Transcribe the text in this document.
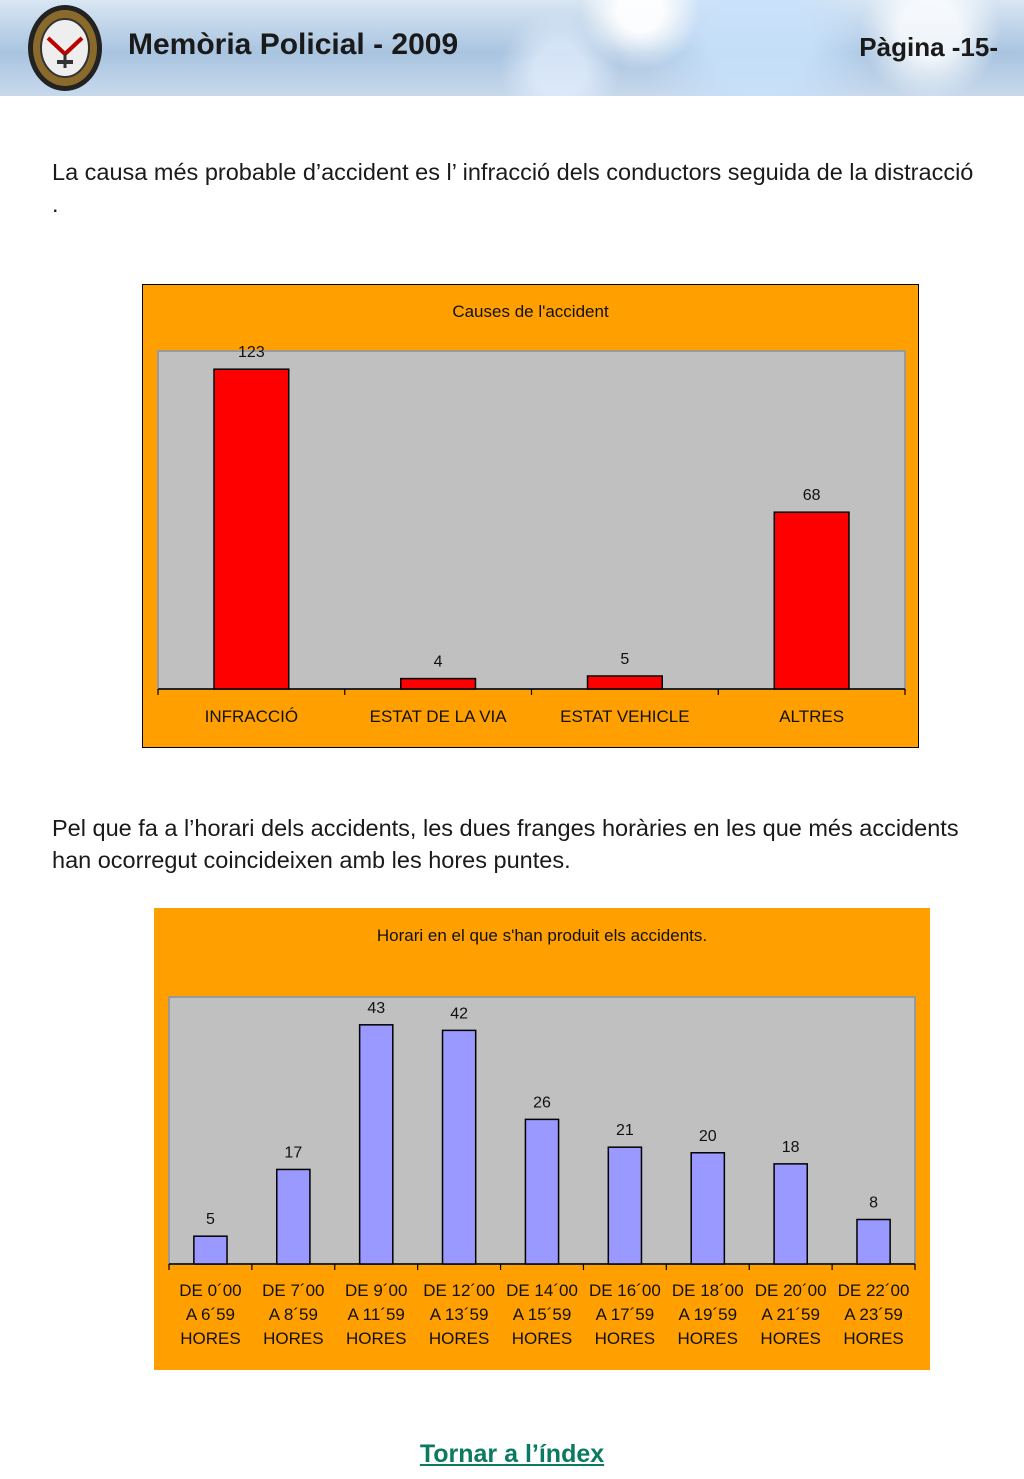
Memòria Policial - 2009	Pàgina -15-
La causa més probable d’accident es l’ infracció dels conductors seguida de la distracció .
Causes de l'accident
123
INFRACCIÓ
4
ESTAT DE LA VIA
5
ESTAT VEHICLE
68
ALTRES
Pel que fa a l’horari dels accidents, les dues franges horàries en les que més accidents han ocorregut coincideixen amb les hores puntes.
Horari en el que s'han produit els accidents.
5
DE 0´00
A 6´59
HORES
17
DE 7´00
A 8´59
HORES
43
DE 9´00
A 11´59
HORES
42
DE 12´00
A 13´59
HORES
26
DE 14´00
A 15´59
HORES
21
DE 16´00
A 17´59
HORES
20
DE 18´00
A 19´59
HORES
18
DE 20´00
A 21´59
HORES
8
DE 22´00
A 23´59
HORES
Tornar a l’índex
